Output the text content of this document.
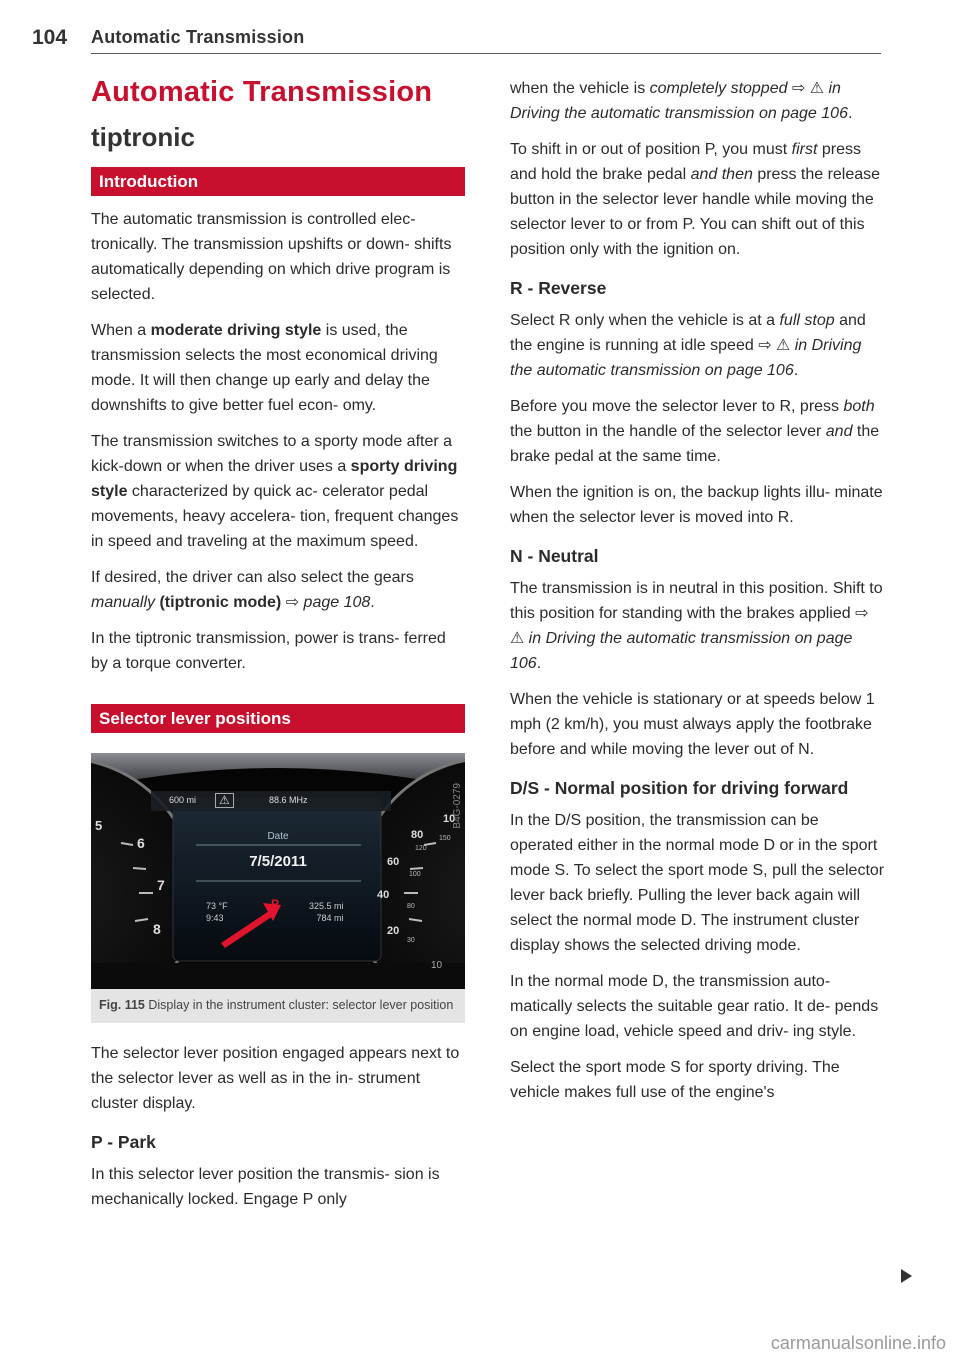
104 Automatic Transmission
Automatic Transmission
tiptronic
Introduction

The automatic transmission is controlled elec- tronically. The transmission upshifts or down- shifts automatically depending on which drive program is selected.

When a moderate driving style is used, the transmission selects the most economical driving mode. It will then change up early and delay the downshifts to give better fuel econ- omy.

The transmission switches to a sporty mode after a kick-down or when the driver uses a sporty driving style characterized by quick ac- celerator pedal movements, heavy accelera- tion, frequent changes in speed and traveling at the maximum speed.

If desired, the driver can also select the gears manually (tiptronic mode) ⇨ page 108.

In the tiptronic transmission, power is trans- ferred by a torque converter.

Selector lever positions
600 mi	⚠	88.6 MHz
Date
7/5/2011
73 °F
9:43
P	325.5 mi
784 mi
5
6
7
8
80
60
40
20
10
10
120
100
80
150
30
B4G-0279
Fig. 115 Display in the instrument cluster: selector lever position

The selector lever position engaged appears next to the selector lever as well as in the in- strument cluster display.

P - Park

In this selector lever position the transmis- sion is mechanically locked. Engage P only

when the vehicle is completely stopped ⇨ ⚠ in Driving the automatic transmission on page 106.

To shift in or out of position P, you must first press and hold the brake pedal and then press the release button in the selector lever handle while moving the selector lever to or from P. You can shift out of this position only with the ignition on.

R - Reverse

Select R only when the vehicle is at a full stop and the engine is running at idle speed ⇨ ⚠ in Driving the automatic transmission on page 106.

Before you move the selector lever to R, press both the button in the handle of the selector lever and the brake pedal at the same time.

When the ignition is on, the backup lights illu- minate when the selector lever is moved into R.

N - Neutral

The transmission is in neutral in this position. Shift to this position for standing with the brakes applied ⇨ ⚠ in Driving the automatic transmission on page 106.

When the vehicle is stationary or at speeds below 1 mph (2 km/h), you must always apply the footbrake before and while moving the lever out of N.

D/S - Normal position for driving forward

In the D/S position, the transmission can be operated either in the normal mode D or in the sport mode S. To select the sport mode S, pull the selector lever back briefly. Pulling the lever back again will select the normal mode D. The instrument cluster display shows the selected driving mode.

In the normal mode D, the transmission auto- matically selects the suitable gear ratio. It de- pends on engine load, vehicle speed and driv- ing style.

Select the sport mode S for sporty driving. The vehicle makes full use of the engine's

carmanualsonline.info
